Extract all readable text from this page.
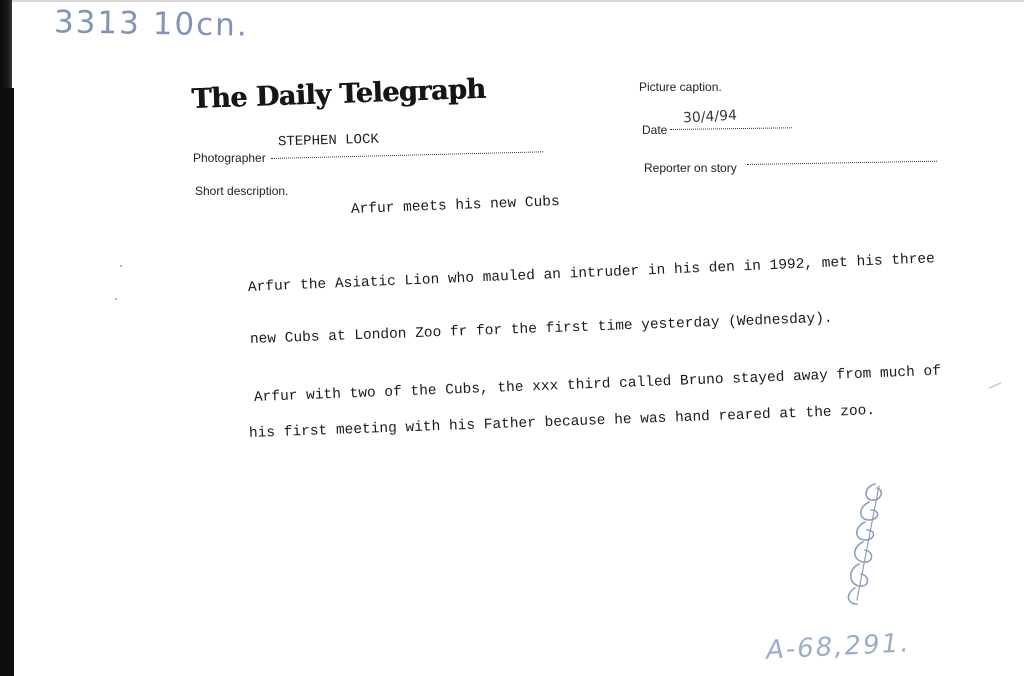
3313 10cn.
The Daily Telegraph
Photographer
STEPHEN LOCK
Short description.
Picture caption.
Date
30/4/94
Reporter on story
Arfur meets his new Cubs
Arfur the Asiatic Lion who mauled an intruder in his den in 1992, met his three
new Cubs at London Zoo fr for the first time yesterday (Wednesday).
Arfur with two of the Cubs, the xxx third called Bruno stayed away from much of
his first meeting with his Father because he was hand reared at the zoo.
A-68,291.
